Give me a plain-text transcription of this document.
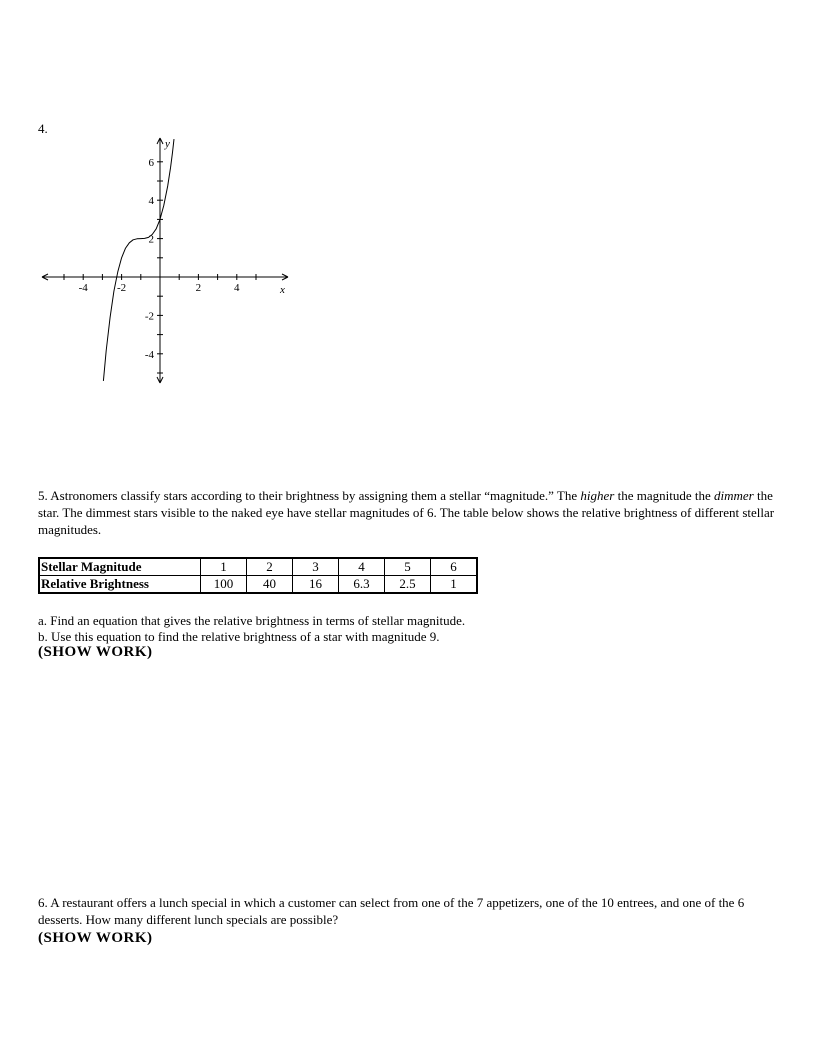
4.
-4	-2	2	4
6
4
2
-2
-4
y
x
5. Astronomers classify stars according to their brightness by assigning them a stellar “magnitude.” The higher the magnitude the dimmer the star. The dimmest stars visible to the naked eye have stellar magnitudes of 6. The table below shows the relative brightness of different stellar magnitudes.
Stellar Magnitude	1	2	3	4	5	6
Relative Brightness	100	40	16	6.3	2.5	1
a. Find an equation that gives the relative brightness in terms of stellar magnitude.
b. Use this equation to find the relative brightness of a star with magnitude 9.
(SHOW WORK)
6. A restaurant offers a lunch special in which a customer can select from one of the 7 appetizers, one of the 10 entrees, and one of the 6 desserts. How many different lunch specials are possible?
(SHOW WORK)
